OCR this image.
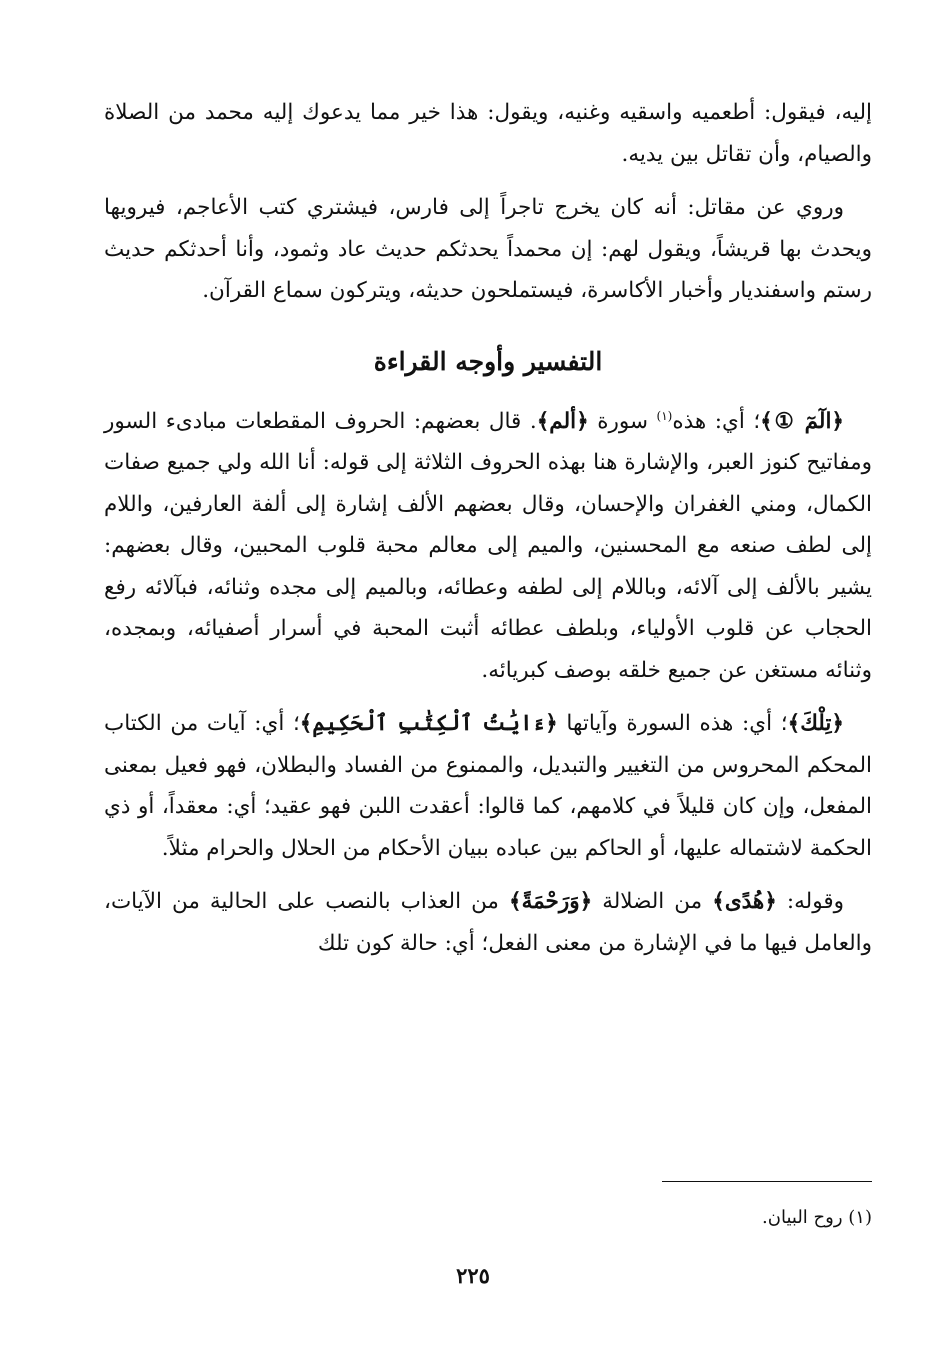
إليه، فيقول: أطعميه واسقيه وغنيه، ويقول: هذا خير مما يدعوك إليه محمد من الصلاة والصيام، وأن تقاتل بين يديه.

وروي عن مقاتل: أنه كان يخرج تاجراً إلى فارس، فيشتري كتب الأعاجم، فيرويها ويحدث بها قريشاً، ويقول لهم: إن محمداً يحدثكم حديث عاد وثمود، وأنا أحدثكم حديث رستم واسفنديار وأخبار الأكاسرة، فيستملحون حديثه، ويتركون سماع القرآن.

التفسير وأوجه القراءة

﴿الٓمٓ ①﴾؛ أي: هذه$^{(١)}$ سورة ﴿ألم﴾. قال بعضهم: الحروف المقطعات مبادىء السور ومفاتيح كنوز العبر، والإشارة هنا بهذه الحروف الثلاثة إلى قوله: أنا الله ولي جميع صفات الكمال، ومني الغفران والإحسان، وقال بعضهم الألف إشارة إلى ألفة العارفين، واللام إلى لطف صنعه مع المحسنين، والميم إلى معالم محبة قلوب المحبين، وقال بعضهم: يشير بالألف إلى آلائه، وباللام إلى لطفه وعطائه، وبالميم إلى مجده وثنائه، فبآلائه رفع الحجاب عن قلوب الأولياء، وبلطف عطائه أثبت المحبة في أسرار أصفيائه، وبمجده، وثنائه مستغن عن جميع خلقه بوصف كبريائه.

﴿تِلْكَ﴾؛ أي: هذه السورة وآياتها ﴿ءَايَٰتُ ٱلْكِتَٰبِ ٱلْحَكِيمِ﴾؛ أي: آيات من الكتاب المحكم المحروس من التغيير والتبديل، والممنوع من الفساد والبطلان، فهو فعيل بمعنى المفعل، وإن كان قليلاً في كلامهم، كما قالوا: أعقدت اللبن فهو عقيد؛ أي: معقداً، أو ذي الحكمة لاشتماله عليها، أو الحاكم بين عباده ببيان الأحكام من الحلال والحرام مثلاً.

وقوله: ﴿هُدًى﴾ من الضلالة ﴿وَرَحْمَةً﴾ من العذاب بالنصب على الحالية من الآيات، والعامل فيها ما في الإشارة من معنى الفعل؛ أي: حالة كون تلك

(١) روح البيان.
٢٢٥
